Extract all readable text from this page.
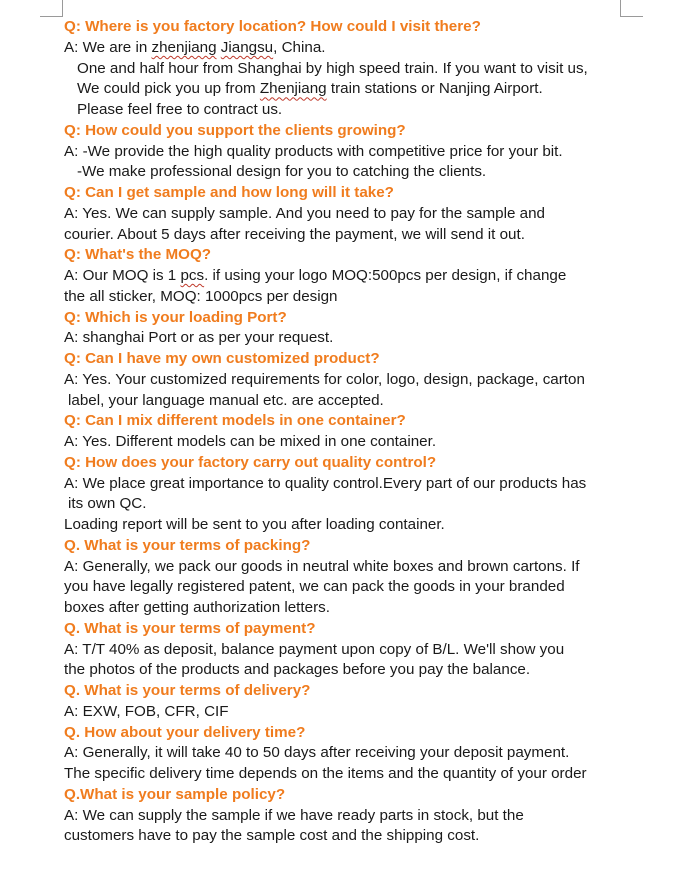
Q: Where is you factory location? How could I visit there?
A: We are in zhenjiang Jiangsu, China.
One and half hour from Shanghai by high speed train. If you want to visit us,
We could pick you up from Zhenjiang train stations or Nanjing Airport.
Please feel free to contract us.
Q: How could you support the clients growing?
A: -We provide the high quality products with competitive price for your bit.
-We make professional design for you to catching the clients.
Q: Can I get sample and how long will it take?
A: Yes. We can supply sample. And you need to pay for the sample and
courier. About 5 days after receiving the payment, we will send it out.
Q: What's the MOQ?
A: Our MOQ is 1 pcs. if using your logo MOQ:500pcs per design, if change
the all sticker, MOQ: 1000pcs per design
Q: Which is your loading Port?
A: shanghai Port or as per your request.
Q: Can I have my own customized product?
A: Yes. Your customized requirements for color, logo, design, package, carton
label, your language manual etc. are accepted.
Q: Can I mix different models in one container?
A: Yes. Different models can be mixed in one container.
Q: How does your factory carry out quality control?
A: We place great importance to quality control.Every part of our products has
its own QC.
Loading report will be sent to you after loading container.
Q. What is your terms of packing?
A: Generally, we pack our goods in neutral white boxes and brown cartons. If
you have legally registered patent, we can pack the goods in your branded
boxes after getting authorization letters.
Q. What is your terms of payment?
A: T/T 40% as deposit, balance payment upon copy of B/L. We'll show you
the photos of the products and packages before you pay the balance.
Q. What is your terms of delivery?
A: EXW, FOB, CFR, CIF
Q. How about your delivery time?
A: Generally, it will take 40 to 50 days after receiving your deposit payment.
The specific delivery time depends on the items and the quantity of your order
Q.What is your sample policy?
A: We can supply the sample if we have ready parts in stock, but the
customers have to pay the sample cost and the shipping cost.
